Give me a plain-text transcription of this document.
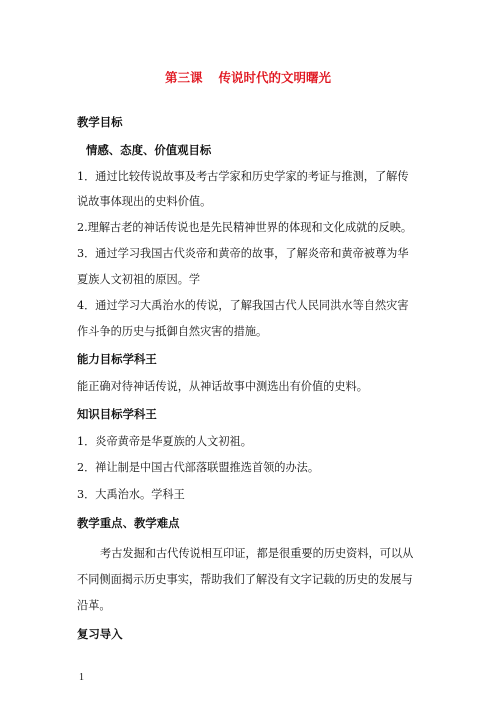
第三课 传说时代的文明曙光
教学目标
情感、态度、价值观目标
1．通过比较传说故事及考古学家和历史学家的考证与推测，了解传
说故事体现出的史料价值。
2.理解古老的神话传说也是先民精神世界的体现和文化成就的反映。
3．通过学习我国古代炎帝和黄帝的故事，了解炎帝和黄帝被尊为华
夏族人文初祖的原因。学
4．通过学习大禹治水的传说，了解我国古代人民同洪水等自然灾害
作斗争的历史与抵御自然灾害的措施。
能力目标学科王
能正确对待神话传说，从神话故事中测选出有价值的史料。
知识目标学科王
1．炎帝黄帝是华夏族的人文初祖。
2．禅让制是中国古代部落联盟推选首领的办法。
3．大禹治水。学科王
教学重点、教学难点
考古发掘和古代传说相互印证，都是很重要的历史资料，可以从
不同侧面揭示历史事实，帮助我们了解没有文字记载的历史的发展与
沿革。
复习导入
1
